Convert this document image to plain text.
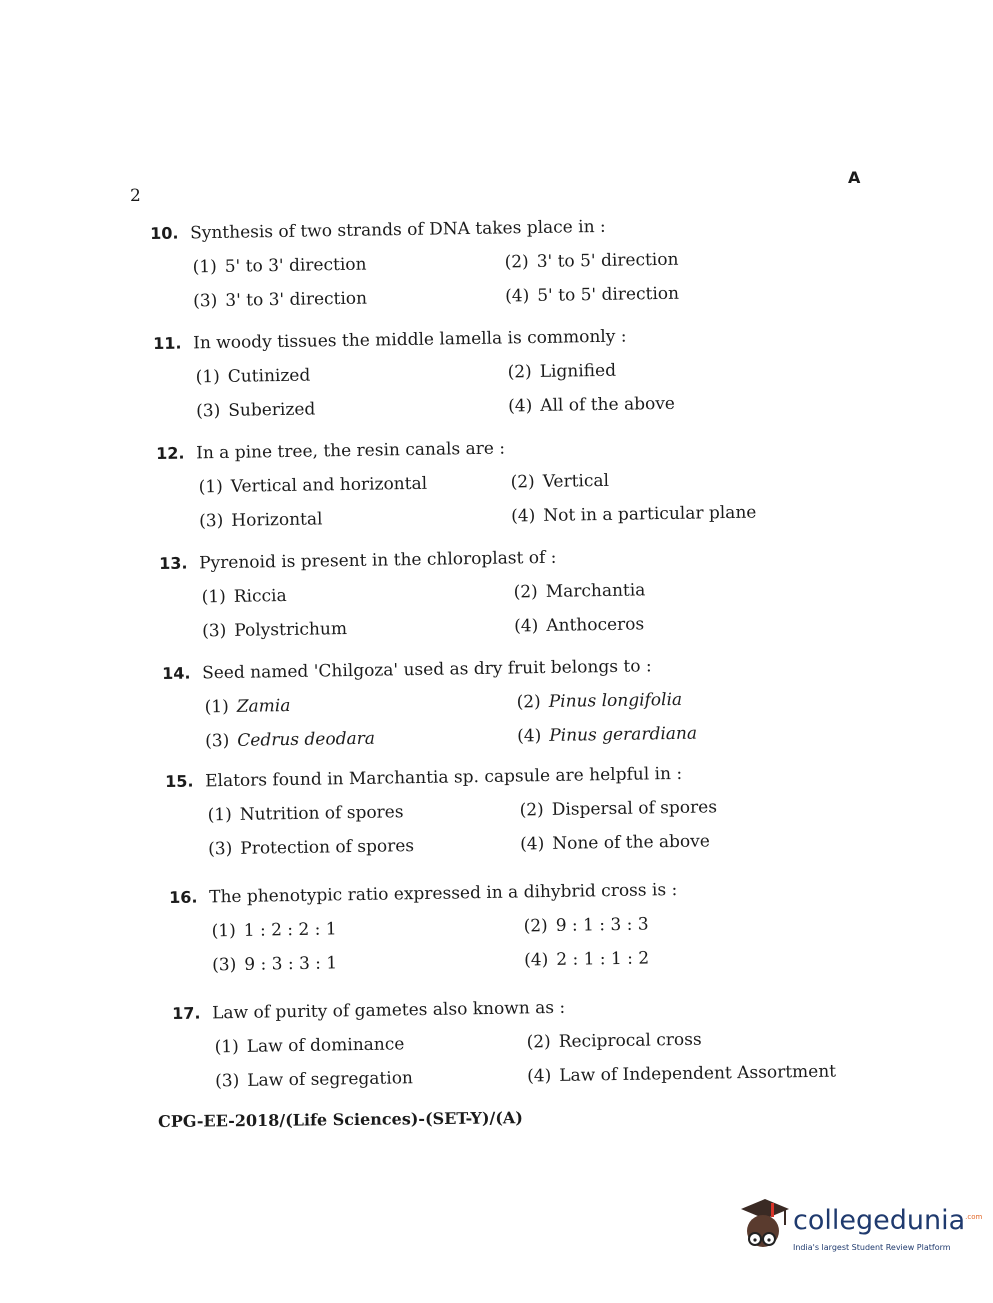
2
A
10. Synthesis of two strands of DNA takes place in :
(1) 5' to 3' direction	(2) 3' to 5' direction
(3) 3' to 3' direction	(4) 5' to 5' direction
11. In woody tissues the middle lamella is commonly :
(1) Cutinized	(2) Lignified
(3) Suberized	(4) All of the above
12. In a pine tree, the resin canals are :
(1) Vertical and horizontal	(2) Vertical
(3) Horizontal	(4) Not in a particular plane
13. Pyrenoid is present in the chloroplast of :
(1) Riccia	(2) Marchantia
(3) Polystrichum	(4) Anthoceros
14. Seed named 'Chilgoza' used as dry fruit belongs to :
(1) Zamia	(2) Pinus longifolia
(3) Cedrus deodara	(4) Pinus gerardiana
15. Elators found in Marchantia sp. capsule are helpful in :
(1) Nutrition of spores	(2) Dispersal of spores
(3) Protection of spores	(4) None of the above
16. The phenotypic ratio expressed in a dihybrid cross is :
(1) 1 : 2 : 2 : 1	(2) 9 : 1 : 3 : 3
(3) 9 : 3 : 3 : 1	(4) 2 : 1 : 1 : 2
17. Law of purity of gametes also known as :
(1) Law of dominance	(2) Reciprocal cross
(3) Law of segregation	(4) Law of Independent Assortment
CPG-EE-2018/(Life Sciences)-(SET-Y)/(A)
collegedunia$^{.com}$
India's largest Student Review Platform
